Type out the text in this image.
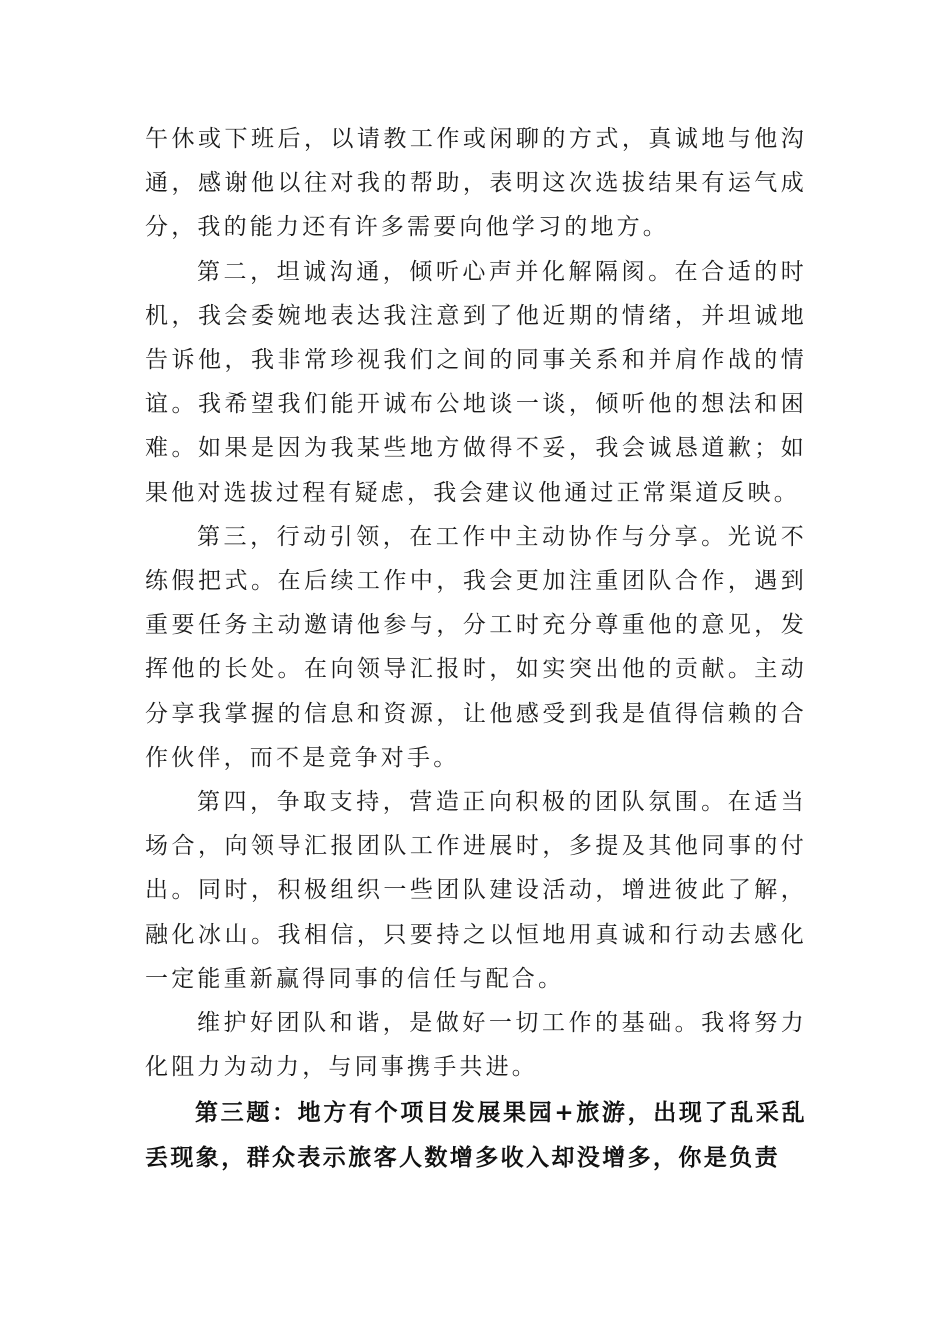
午休或下班后，以请教工作或闲聊的方式，真诚地与他沟通，感谢他以往对我的帮助，表明这次选拔结果有运气成分，我的能力还有许多需要向他学习的地方。

第二，坦诚沟通，倾听心声并化解隔阂。在合适的时机，我会委婉地表达我注意到了他近期的情绪，并坦诚地告诉他，我非常珍视我们之间的同事关系和并肩作战的情谊。我希望我们能开诚布公地谈一谈，倾听他的想法和困难。如果是因为我某些地方做得不妥，我会诚恳道歉；如果他对选拔过程有疑虑，我会建议他通过正常渠道反映。

第三，行动引领，在工作中主动协作与分享。光说不练假把式。在后续工作中，我会更加注重团队合作，遇到重要任务主动邀请他参与，分工时充分尊重他的意见，发挥他的长处。在向领导汇报时，如实突出他的贡献。主动分享我掌握的信息和资源，让他感受到我是值得信赖的合作伙伴，而不是竞争对手。

第四，争取支持，营造正向积极的团队氛围。在适当场合，向领导汇报团队工作进展时，多提及其他同事的付出。同时，积极组织一些团队建设活动，增进彼此了解，融化冰山。我相信，只要持之以恒地用真诚和行动去感化一定能重新赢得同事的信任与配合。

维护好团队和谐，是做好一切工作的基础。我将努力化阻力为动力，与同事携手共进。

第三题：地方有个项目发展果园+旅游，出现了乱采乱丢现象，群众表示旅客人数增多收入却没增多，你是负责
